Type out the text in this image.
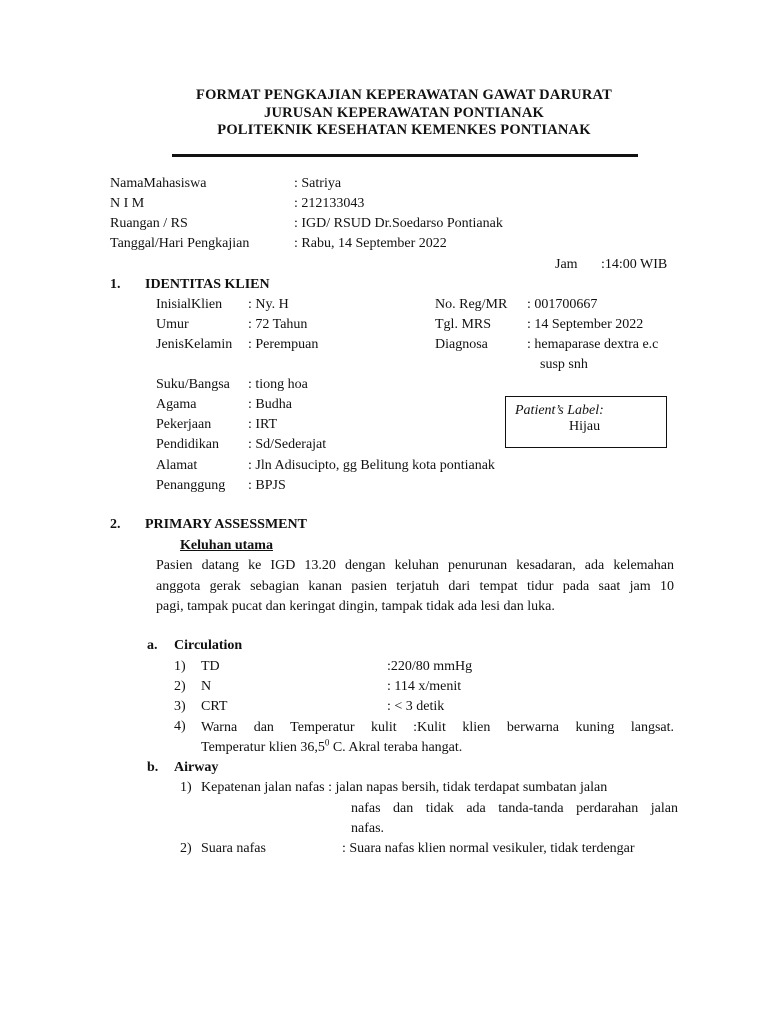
FORMAT PENGKAJIAN KEPERAWATAN GAWAT DARURAT
JURUSAN KEPERAWATAN PONTIANAK
POLITEKNIK KESEHATAN KEMENKES PONTIANAK
NamaMahasiswa	: Satriya
N I M	: 212133043
Ruangan / RS	: IGD/ RSUD Dr.Soedarso Pontianak
Tanggal/Hari Pengkajian	: Rabu, 14 September 2022
Jam :14:00 WIB
1. IDENTITAS KLIEN
InisialKlien : Ny. H	No. Reg/MR : 001700667
Umur	: 72 Tahun	Tgl. MRS	: 14 September 2022
JenisKelamin : Perempuan	Diagnosa	: hemaparase dextra e.c
susp snh
Suku/Bangsa : tiong hoa
Agama	: Budha
Pekerjaan	: IRT
Pendidikan : Sd/Sederajat
Alamat	: Jln Adisucipto, gg Belitung kota pontianak
Penanggung : BPJS
Patient’s Label:
Hijau
2. PRIMARY ASSESSMENT
Keluhan utama
Pasien datang ke IGD 13.20 dengan keluhan penurunan kesadaran, ada kelemahan
anggota gerak sebagian kanan pasien terjatuh dari tempat tidur pada saat jam 10
pagi, tampak pucat dan keringat dingin, tampak tidak ada lesi dan luka.
a. Circulation
1) TD	:220/80 mmHg
2) N	: 114 x/menit
3) CRT	: < 3 detik
4) Warna dan Temperatur kulit :Kulit klien berwarna kuning langsat.
Temperatur klien 36,5$^0$ C. Akral teraba hangat.
b. Airway
1) Kepatenan jalan nafas : jalan napas bersih, tidak terdapat sumbatan jalan
nafas dan tidak ada tanda-tanda perdarahan jalan
nafas.
2) Suara nafas	: Suara nafas klien normal vesikuler, tidak terdengar
